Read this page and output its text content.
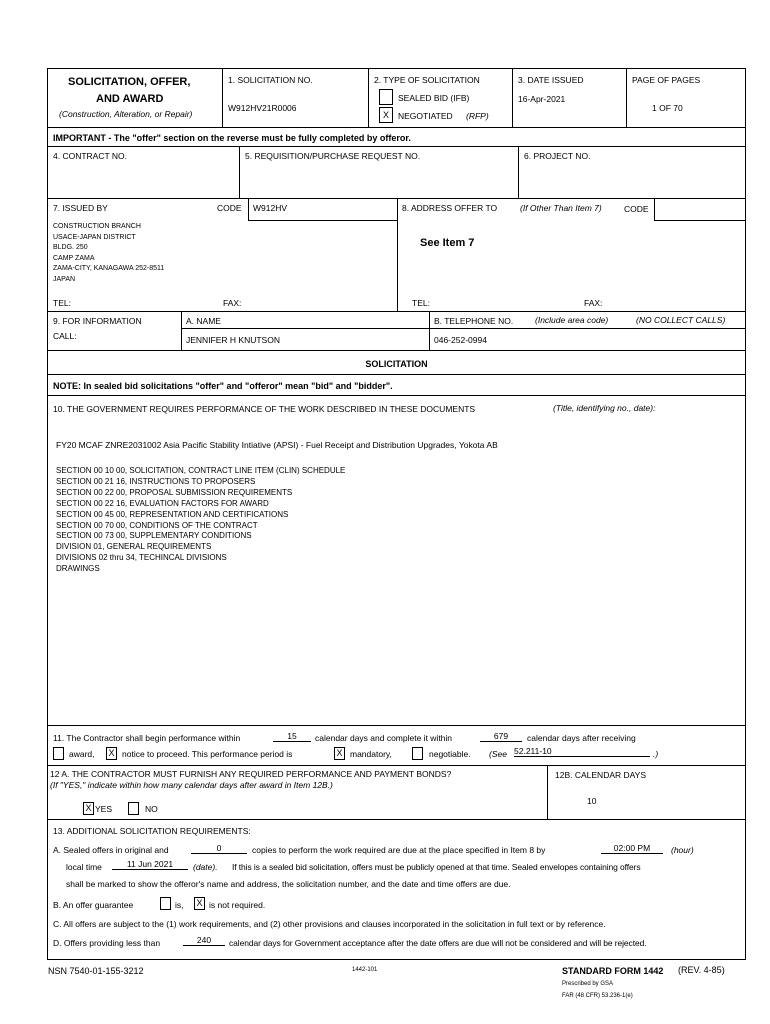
SOLICITATION, OFFER,
AND AWARD
(Construction, Alteration, or Repair)
1. SOLICITATION NO.
W912HV21R0006
2. TYPE OF SOLICITATION
SEALED BID (IFB)
X	NEGOTIATED (RFP)
3. DATE ISSUED
16-Apr-2021
PAGE OF PAGES
1 OF 70
IMPORTANT - The "offer" section on the reverse must be fully completed by offeror.
4. CONTRACT NO.	5. REQUISITION/PURCHASE REQUEST NO.	6. PROJECT NO.
7. ISSUED BY	CODE W912HV
CONSTRUCTION BRANCH
USACE-JAPAN DISTRICT
BLDG. 250
CAMP ZAMA
ZAMA-CITY, KANAGAWA 252-8511
JAPAN
TEL:	FAX:
8. ADDRESS OFFER TO	(If Other Than Item 7)	CODE
See Item 7
TEL:	FAX:
9. FOR INFORMATION
CALL:
A. NAME
JENNIFER H KNUTSON
B. TELEPHONE NO.	(Include area code)	(NO COLLECT CALLS)
046-252-0994
SOLICITATION
NOTE: In sealed bid solicitations "offer" and "offeror" mean "bid" and "bidder".
10. THE GOVERNMENT REQUIRES PERFORMANCE OF THE WORK DESCRIBED IN THESE DOCUMENTS	(Title, identifying no., date):
FY20 MCAF ZNRE2031002 Asia Pacific Stability Intiative (APSI) - Fuel Receipt and Distribution Upgrades, Yokota AB
SECTION 00 10 00, SOLICITATION, CONTRACT LINE ITEM (CLIN) SCHEDULE
SECTION 00 21 16, INSTRUCTIONS TO PROPOSERS
SECTION 00 22 00, PROPOSAL SUBMISSION REQUIREMENTS
SECTION 00 22 16, EVALUATION FACTORS FOR AWARD
SECTION 00 45 00, REPRESENTATION AND CERTIFICATIONS
SECTION 00 70 00, CONDITIONS OF THE CONTRACT
SECTION 00 73 00, SUPPLEMENTARY CONDITIONS
DIVISION 01, GENERAL REQUIREMENTS
DIVISIONS 02 thru 34, TECHINCAL DIVISIONS
DRAWINGS
11. The Contractor shall begin performance within	15	calendar days and complete it within	679	calendar days after receiving
award, X notice to proceed. This performance period is	X mandatory,	negotiable. (See 52.211-10	.)
12 A. THE CONTRACTOR MUST FURNISH ANY REQUIRED PERFORMANCE AND PAYMENT BONDS?
(If "YES," indicate within how many calendar days after award in Item 12B.)
X YES	NO
12B. CALENDAR DAYS
10
13. ADDITIONAL SOLICITATION REQUIREMENTS:
A. Sealed offers in original and	0	copies to perform the work required are due at the place specified in Item 8 by	02:00 PM	(hour)
local time	11 Jun 2021	(date). If this is a sealed bid solicitation, offers must be publicly opened at that time. Sealed envelopes containing offers
shall be marked to show the offeror's name and address, the solicitation number, and the date and time offers are due.
B. An offer guarantee	is, X is not required.
C. All offers are subject to the (1) work requirements, and (2) other provisions and clauses incorporated in the solicitation in full text or by reference.
D. Offers providing less than	240	calendar days for Government acceptance after the date offers are due will not be considered and will be rejected.
NSN 7540-01-155-3212	1442-101	STANDARD FORM 1442 (REV. 4-85)
Prescribed by GSA
FAR (48 CFR) 53.236-1(e)
